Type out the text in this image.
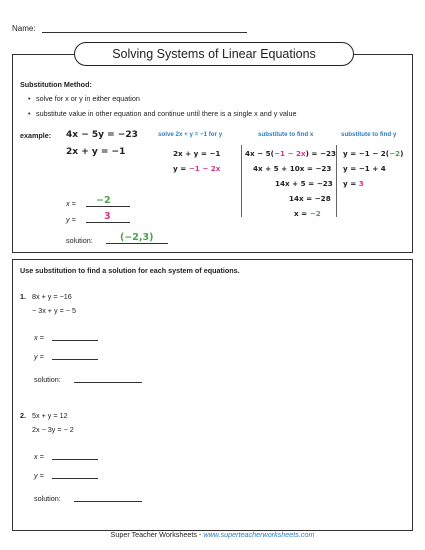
Name:
Solving Systems of Linear Equations
Substitution Method:
• solve for x or y in either equation
• substitute value in other equation and continue until there is a single x and y value
example: 4x − 5y = −23
2x + y = −1
solve 2x + y = −1 for y
2x + y = −1
y = −1 − 2x
substitute to find x
4x − 5(−1 − 2x) = −23
4x + 5 + 10x = −23
14x + 5 = −23
14x = −28
x = −2
substitute to find y
y = −1 − 2(−2)
y = −1 + 4
y = 3
x = −2
y =	3
solution:	(−2,3)
Use substitution to find a solution for each system of equations.
1. 8x + y = −16
− 3x + y = − 5
x =
y =
solution:
2. 5x + y = 12
2x − 3y = − 2
x =
y =
solution:
Super Teacher Worksheets - www.superteacherworksheets.com
